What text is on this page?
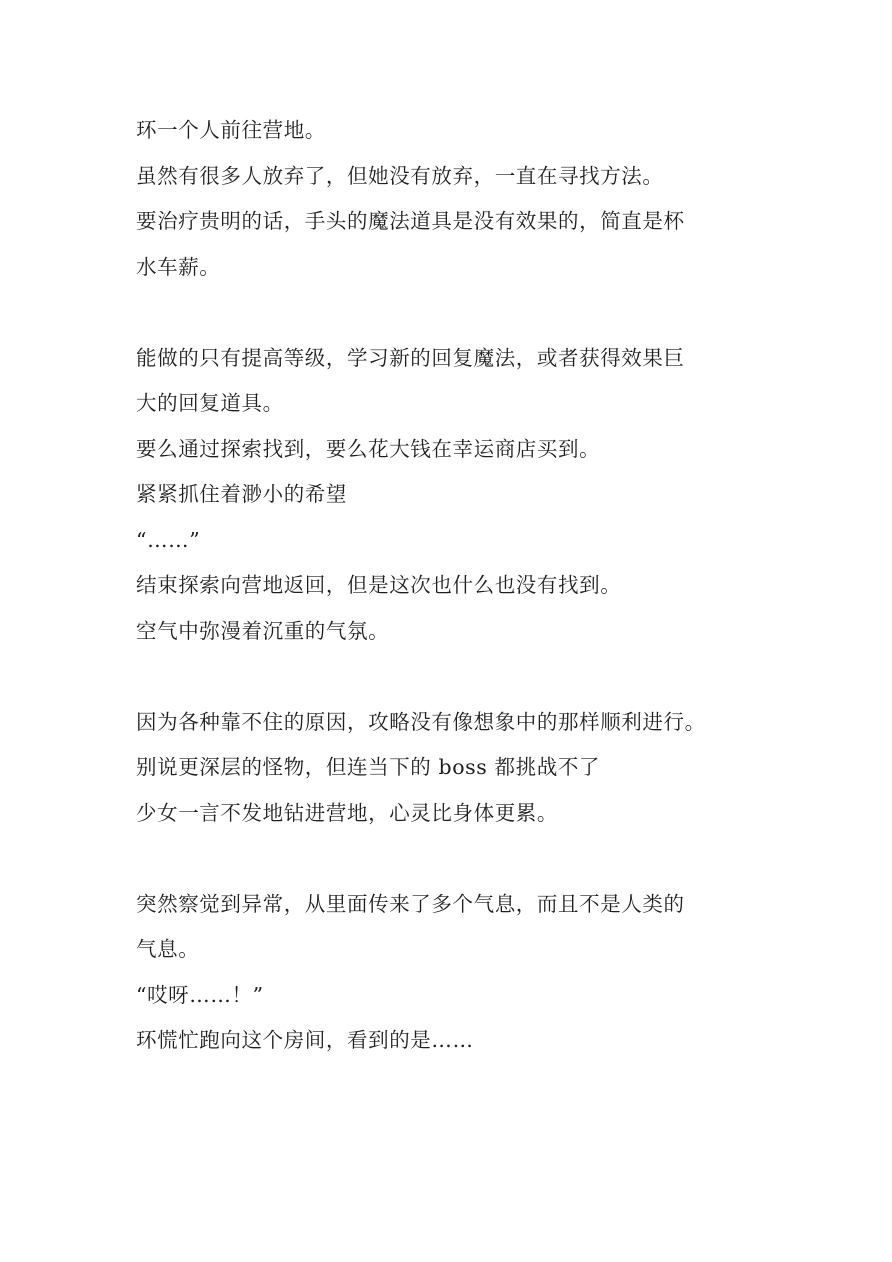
环一个人前往营地。
虽然有很多人放弃了，但她没有放弃，一直在寻找方法。
要治疗贵明的话，手头的魔法道具是没有效果的，简直是杯
水车薪。
能做的只有提高等级，学习新的回复魔法，或者获得效果巨
大的回复道具。
要么通过探索找到，要么花大钱在幸运商店买到。
紧紧抓住着渺小的希望
“……”
结束探索向营地返回，但是这次也什么也没有找到。
空气中弥漫着沉重的气氛。
因为各种靠不住的原因，攻略没有像想象中的那样顺利进行。
别说更深层的怪物，但连当下的 boss 都挑战不了
少女一言不发地钻进营地，心灵比身体更累。
突然察觉到异常，从里面传来了多个气息，而且不是人类的
气息。
“哎呀……！”
环慌忙跑向这个房间，看到的是……
